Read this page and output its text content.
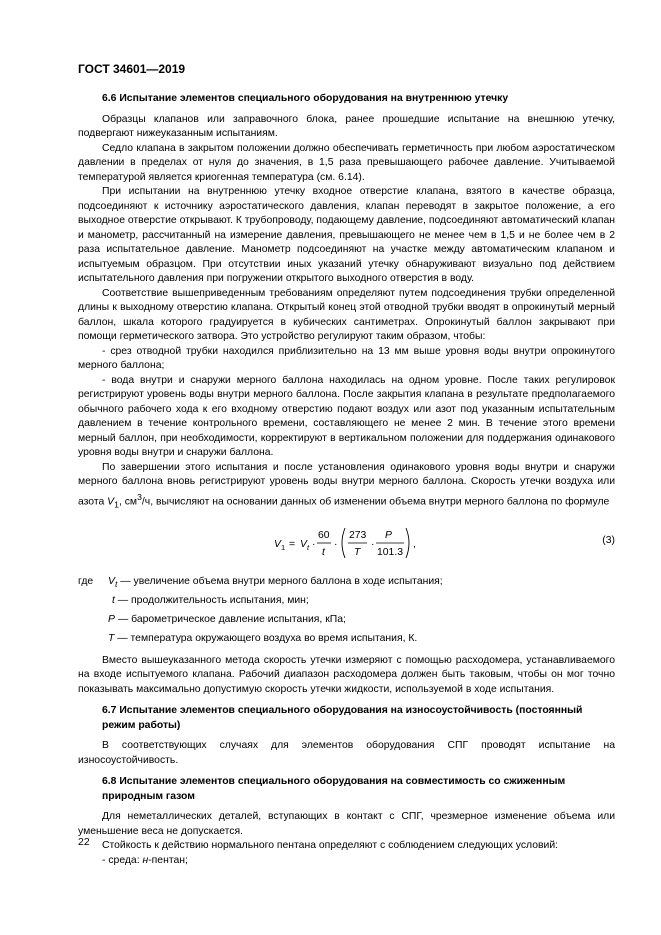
ГОСТ 34601—2019
6.6 Испытание элементов специального оборудования на внутреннюю утечку

Образцы клапанов или заправочного блока, ранее прошедшие испытание на внешнюю утечку, подвергают нижеуказанным испытаниям.

Седло клапана в закрытом положении должно обеспечивать герметичность при любом аэростатическом давлении в пределах от нуля до значения, в 1,5 раза превышающего рабочее давление. Учитываемой температурой является криогенная температура (см. 6.14).

При испытании на внутреннюю утечку входное отверстие клапана, взятого в качестве образца, подсоединяют к источнику аэростатического давления, клапан переводят в закрытое положение, а его выходное отверстие открывают. К трубопроводу, подающему давление, подсоединяют автоматический клапан и манометр, рассчитанный на измерение давления, превышающего не менее чем в 1,5 и не более чем в 2 раза испытательное давление. Манометр подсоединяют на участке между автоматическим клапаном и испытуемым образцом. При отсутствии иных указаний утечку обнаруживают визуально под действием испытательного давления при погружении открытого выходного отверстия в воду.

Соответствие вышеприведенным требованиям определяют путем подсоединения трубки определенной длины к выходному отверстию клапана. Открытый конец этой отводной трубки вводят в опрокинутый мерный баллон, шкала которого градуируется в кубических сантиметрах. Опрокинутый баллон закрывают при помощи герметического затвора. Это устройство регулируют таким образом, чтобы:

- срез отводной трубки находился приблизительно на 13 мм выше уровня воды внутри опрокинутого мерного баллона;

- вода внутри и снаружи мерного баллона находилась на одном уровне. После таких регулировок регистрируют уровень воды внутри мерного баллона. После закрытия клапана в результате предполагаемого обычного рабочего хода к его входному отверстию подают воздух или азот под указанным испытательным давлением в течение контрольного времени, составляющего не менее 2 мин. В течение этого времени мерный баллон, при необходимости, корректируют в вертикальном положении для поддержания одинакового уровня воды внутри и снаружи баллона.

По завершении этого испытания и после установления одинакового уровня воды внутри и снаружи мерного баллона вновь регистрируют уровень воды внутри мерного баллона. Скорость утечки воздуха или азота $V_1$, $см^3/ч$, вычисляют на основании данных об изменении объема внутри мерного баллона по формуле

V 1 = V t ·
60
t
·
273
T
·
P
101.3
,	(3)
где $V_t$ — увеличение объема внутри мерного баллона в ходе испытания;
t — продолжительность испытания, мин;
P — барометрическое давление испытания, кПа;
T — температура окружающего воздуха во время испытания, К.

Вместо вышеуказанного метода скорость утечки измеряют с помощью расходомера, устанавливаемого на входе испытуемого клапана. Рабочий диапазон расходомера должен быть таковым, чтобы он мог точно показывать максимально допустимую скорость утечки жидкости, используемой в ходе испытания.

6.7 Испытание элементов специального оборудования на износоустойчивость (постоянный режим работы)

В соответствующих случаях для элементов оборудования СПГ проводят испытание на износоустойчивость.

6.8 Испытание элементов специального оборудования на совместимость со сжиженным природным газом

Для неметаллических деталей, вступающих в контакт с СПГ, чрезмерное изменение объема или уменьшение веса не допускается.

Стойкость к действию нормального пентана определяют с соблюдением следующих условий:

- среда: н-пентан;

22
